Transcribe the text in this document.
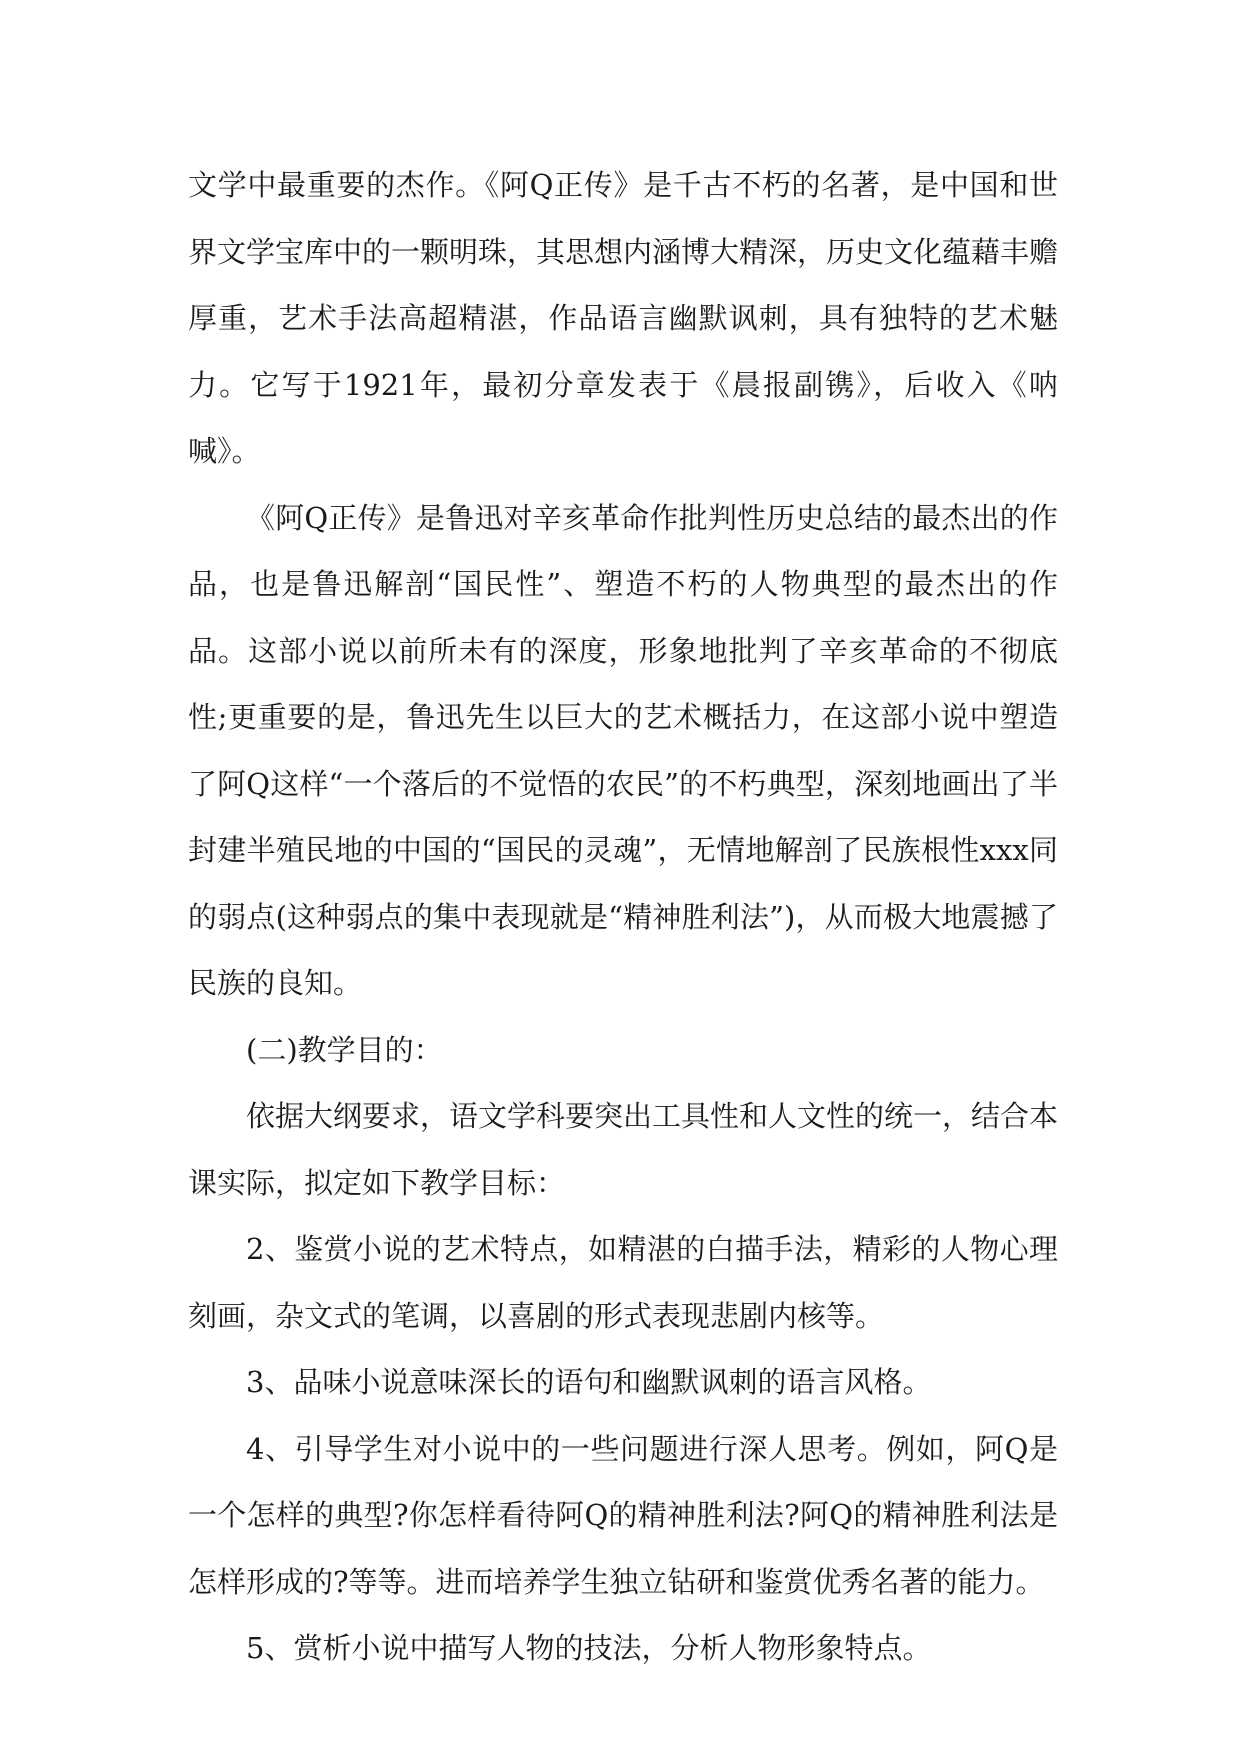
文学中最重要的杰作。《阿Q正传》是千古不朽的名著，是中国和世界文学宝库中的一颗明珠，其思想内涵博大精深，历史文化蕴藉丰赡厚重，艺术手法高超精湛，作品语言幽默讽刺，具有独特的艺术魅力。它写于1921年，最初分章发表于《晨报副镌》，后收入《呐喊》。

《阿Q正传》是鲁迅对辛亥革命作批判性历史总结的最杰出的作品，也是鲁迅解剖“国民性”、塑造不朽的人物典型的最杰出的作品。这部小说以前所未有的深度，形象地批判了辛亥革命的不彻底性;更重要的是，鲁迅先生以巨大的艺术概括力，在这部小说中塑造了阿Q这样“一个落后的不觉悟的农民”的不朽典型，深刻地画出了半封建半殖民地的中国的“国民的灵魂”，无情地解剖了民族根性xxx同的弱点(这种弱点的集中表现就是“精神胜利法”)，从而极大地震撼了民族的良知。

(二)教学目的：

依据大纲要求，语文学科要突出工具性和人文性的统一，结合本课实际，拟定如下教学目标：

2、鉴赏小说的艺术特点，如精湛的白描手法，精彩的人物心理刻画，杂文式的笔调，以喜剧的形式表现悲剧内核等。

3、品味小说意味深长的语句和幽默讽刺的语言风格。

4、引导学生对小说中的一些问题进行深人思考。例如，阿Q是一个怎样的典型?你怎样看待阿Q的精神胜利法?阿Q的精神胜利法是怎样形成的?等等。进而培养学生独立钻研和鉴赏优秀名著的能力。

5、赏析小说中描写人物的技法，分析人物形象特点。
